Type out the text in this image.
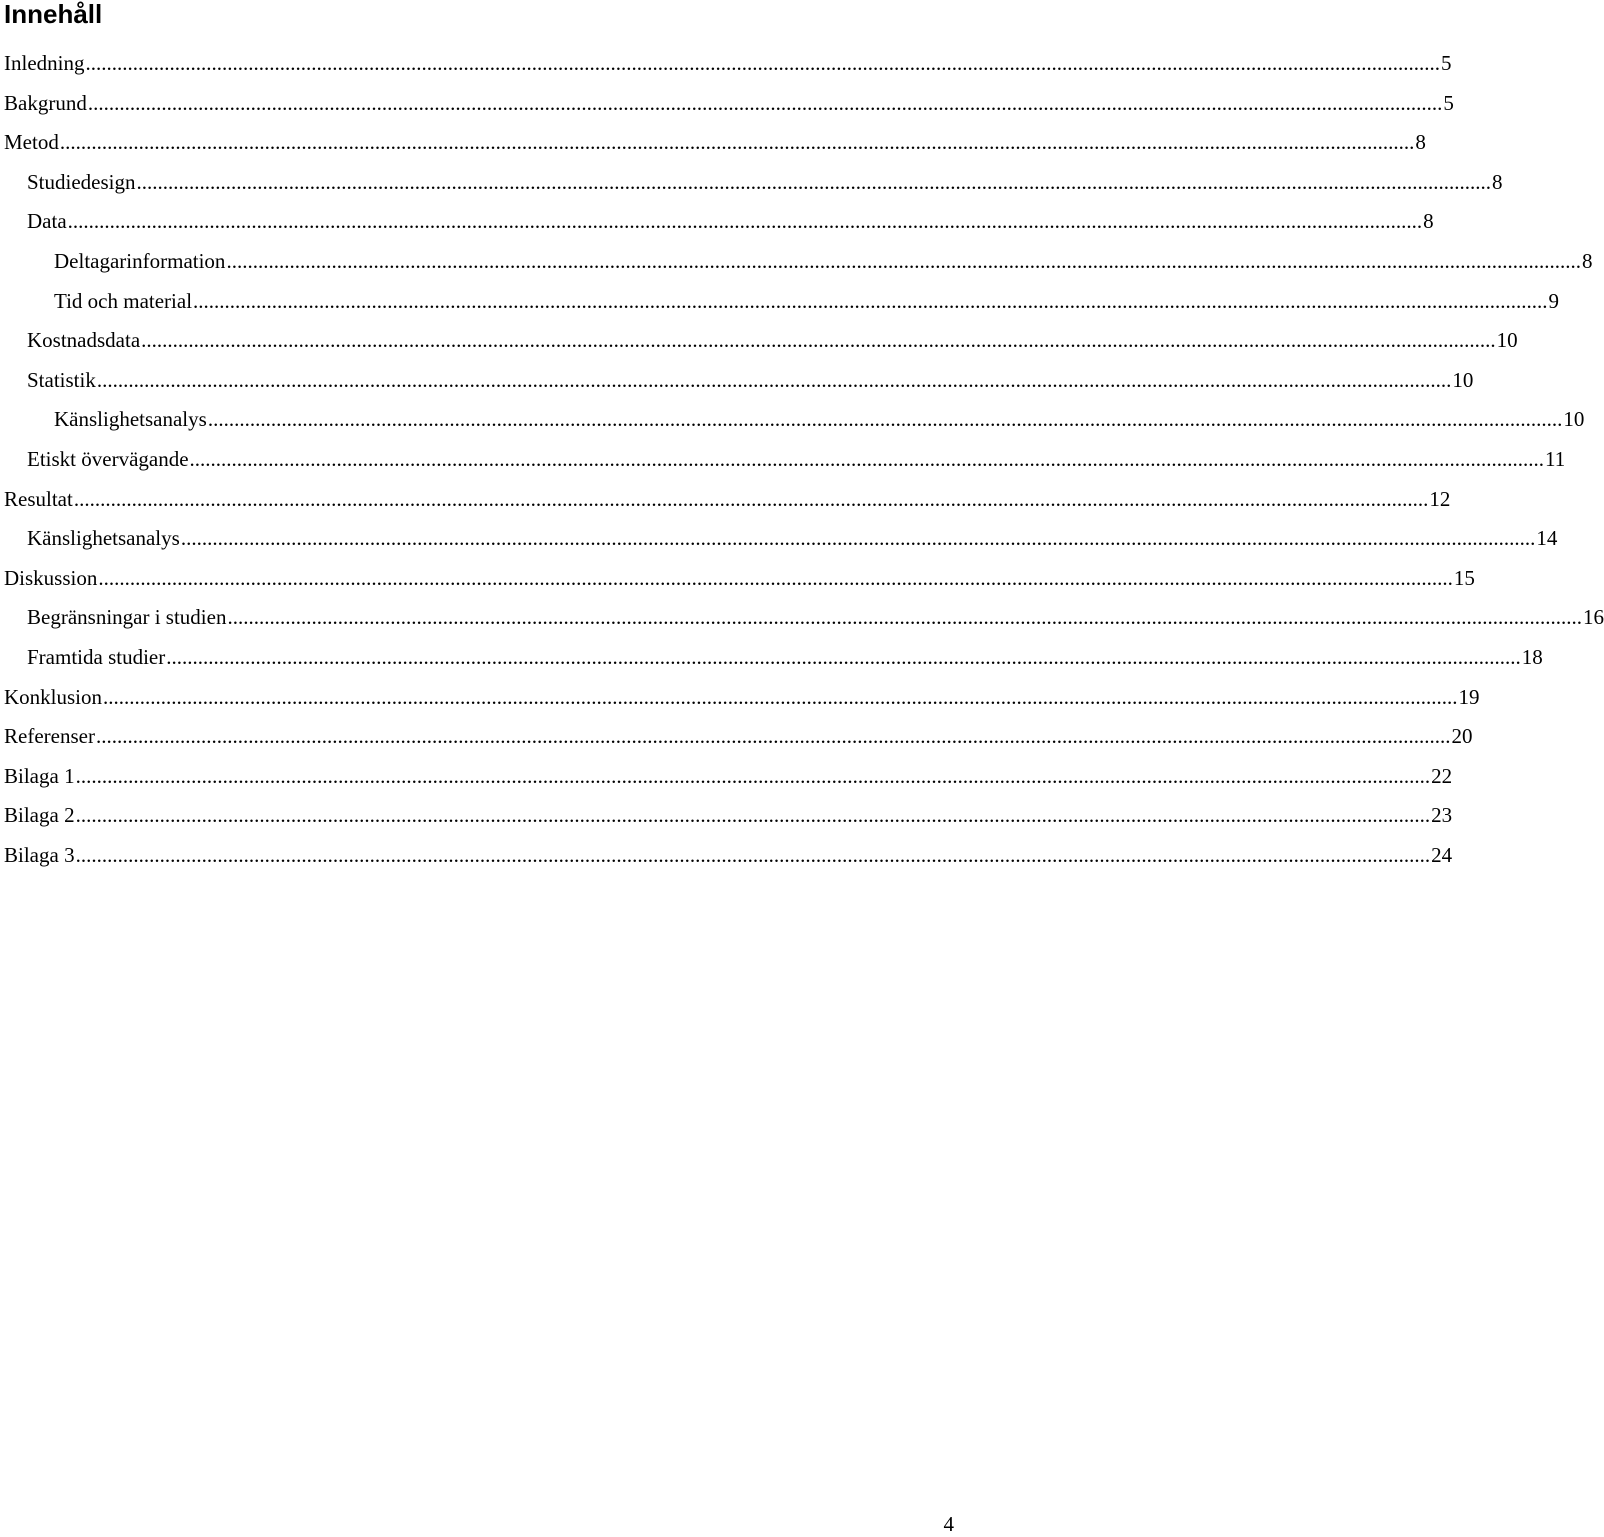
Innehåll
Inledning .................................................................................................................................................................................................................................................................. 5
Bakgrund .................................................................................................................................................................................................................................................................. 5
Metod .................................................................................................................................................................................................................................................................. 8
Studiedesign .................................................................................................................................................................................................................................................................. 8
Data .................................................................................................................................................................................................................................................................. 8
Deltagarinformation .................................................................................................................................................................................................................................................................. 8
Tid och material .................................................................................................................................................................................................................................................................. 9
Kostnadsdata .................................................................................................................................................................................................................................................................. 10
Statistik .................................................................................................................................................................................................................................................................. 10
Känslighetsanalys .................................................................................................................................................................................................................................................................. 10
Etiskt övervägande .................................................................................................................................................................................................................................................................. 11
Resultat .................................................................................................................................................................................................................................................................. 12
Känslighetsanalys .................................................................................................................................................................................................................................................................. 14
Diskussion .................................................................................................................................................................................................................................................................. 15
Begränsningar i studien .................................................................................................................................................................................................................................................................. 16
Framtida studier .................................................................................................................................................................................................................................................................. 18
Konklusion .................................................................................................................................................................................................................................................................. 19
Referenser .................................................................................................................................................................................................................................................................. 20
Bilaga 1 .................................................................................................................................................................................................................................................................. 22
Bilaga 2 .................................................................................................................................................................................................................................................................. 23
Bilaga 3 .................................................................................................................................................................................................................................................................. 24
4
